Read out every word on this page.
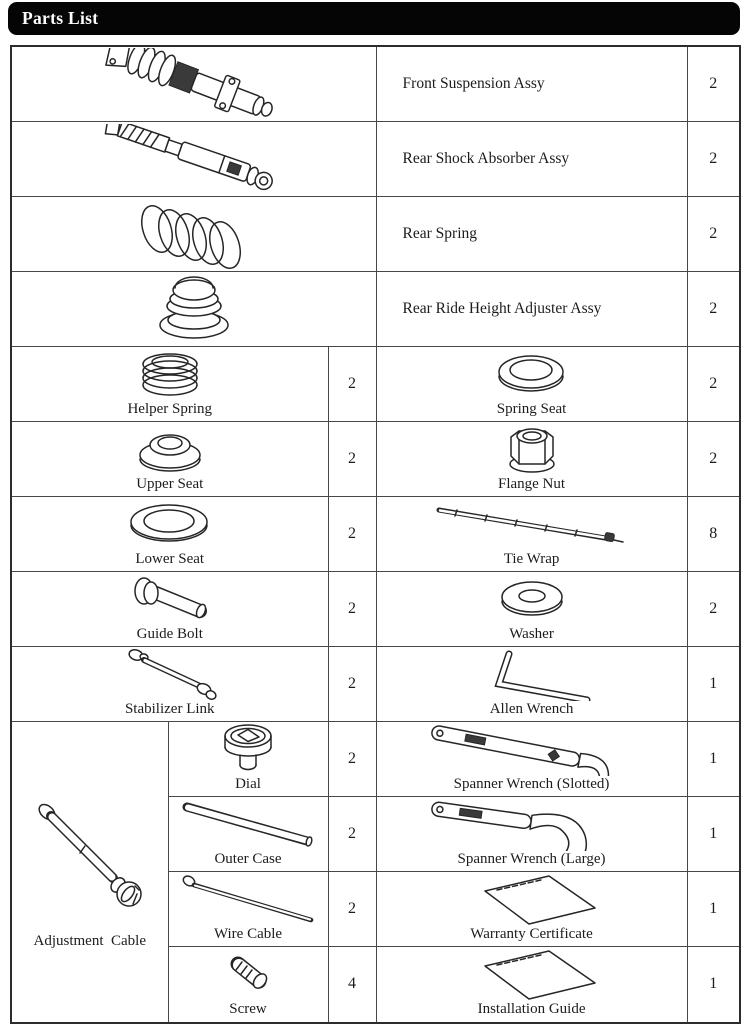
Parts List
	Front Suspension Assy	2
	Rear Shock Absorber Assy	2
	Rear Spring	2
	Rear Ride Height Adjuster Assy	2

Helper Spring		2	Spring Seat	2

Upper Seat		2	Flange Nut	2

Lower Seat		2	Tie Wrap	8

Guide Bolt		2	Washer	2

Stabilizer Link		2	Allen Wrench	1

Adjustment  Cable	Dial	2	Spanner Wrench (Slotted)	1

	Outer Case	2	Spanner Wrench (Large)	1

	Wire Cable	2	Warranty Certificate	1

	Screw	4	Installation Guide	1
